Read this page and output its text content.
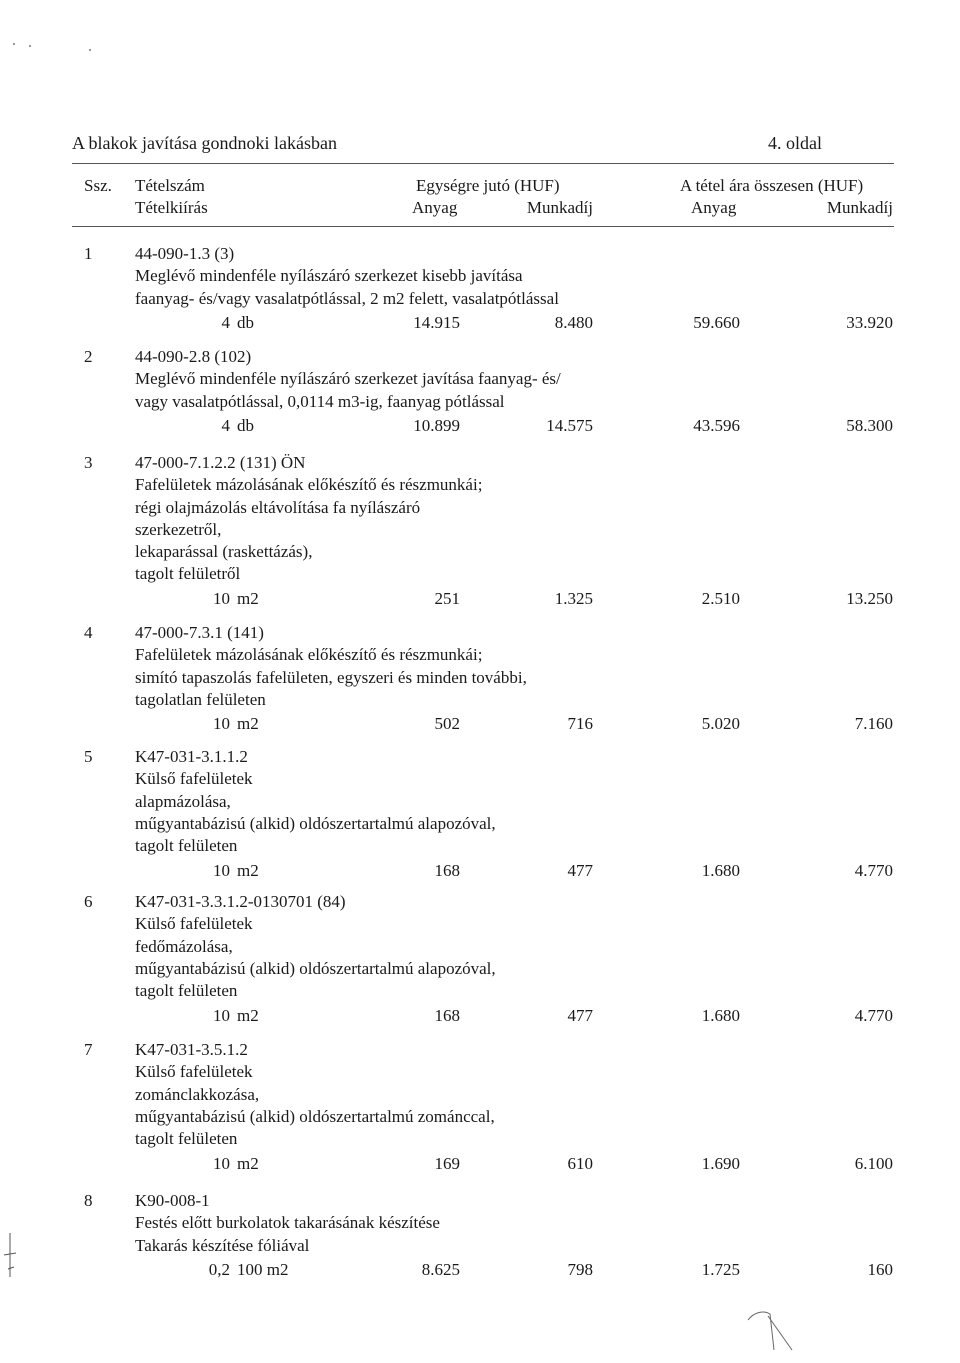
A blakok javítása gondnoki lakásban	4. oldal
Ssz. Tételszám
Tételkiírás
Egységre jutó (HUF)
Anyag	Munkadíj
A tétel ára összesen (HUF)
Anyag	Munkadíj
1	44-090-1.3 (3)
Meglévő mindenféle nyílászáró szerkezet kisebb javítása
faanyag- és/vagy vasalatpótlással, 2 m2 felett, vasalatpótlással
4 db	14.915	8.480	59.660	33.920
2	44-090-2.8 (102)
Meglévő mindenféle nyílászáró szerkezet javítása faanyag- és/
vagy vasalatpótlással, 0,0114 m3-ig, faanyag pótlással
4 db	10.899	14.575	43.596	58.300
3	47-000-7.1.2.2 (131) ÖN
Fafelületek mázolásának előkészítő és részmunkái;
régi olajmázolás eltávolítása fa nyílászáró
szerkezetről,
lekaparással (raskettázás),
tagolt felületről
10 m2	251	1.325	2.510	13.250
4	47-000-7.3.1 (141)
Fafelületek mázolásának előkészítő és részmunkái;
simító tapaszolás fafelületen, egyszeri és minden további,
tagolatlan felületen
10 m2	502	716	5.020	7.160
5	K47-031-3.1.1.2
Külső fafelületek
alapmázolása,
műgyantabázisú (alkid) oldószertartalmú alapozóval,
tagolt felületen
10 m2	168	477	1.680	4.770
6	K47-031-3.3.1.2-0130701 (84)
Külső fafelületek
fedőmázolása,
műgyantabázisú (alkid) oldószertartalmú alapozóval,
tagolt felületen
10 m2	168	477	1.680	4.770
7	K47-031-3.5.1.2
Külső fafelületek
zománclakkozása,
műgyantabázisú (alkid) oldószertartalmú zománccal,
tagolt felületen
10 m2	169	610	1.690	6.100
8	K90-008-1
Festés előtt burkolatok takarásának készítése
Takarás készítése fóliával
0,2 100 m2	8.625	798	1.725	160
